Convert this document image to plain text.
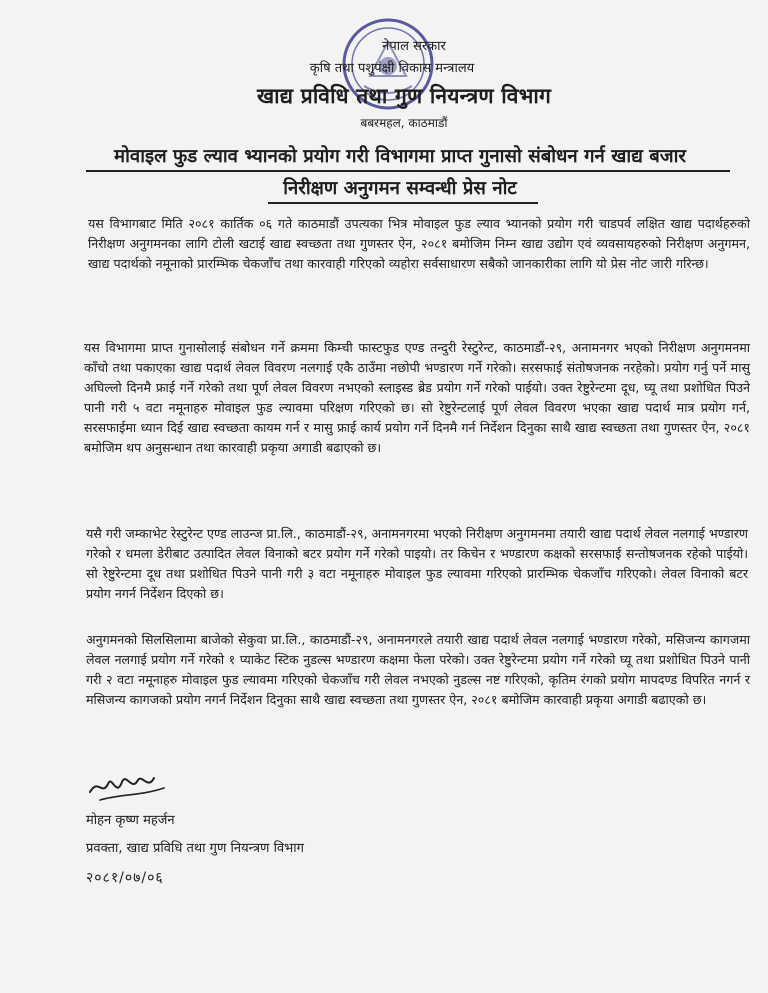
नेपाल सरकार
कृषि तथा पशुपंक्षी विकास मन्त्रालय
खाद्य प्रविधि तथा गुण नियन्त्रण विभाग
बबरमहल, काठमाडौं
मोवाइल फुड ल्याव भ्यानको प्रयोग गरी विभागमा प्राप्त गुनासो संबोधन गर्न खाद्य बजार
निरीक्षण अनुगमन सम्वन्धी प्रेस नोट
यस विभागबाट मिति २०८१ कार्तिक ०६ गते काठमाडौं उपत्यका भित्र मोवाइल फुड ल्याव भ्यानको प्रयोग गरी चाडपर्व लक्षित खाद्य पदार्थहरुको निरीक्षण अनुगमनका लागि टोली खटाई खाद्य स्वच्छता तथा गुणस्तर ऐन, २०८१ बमोजिम निम्न खाद्य उद्योग एवं व्यवसायहरुको निरीक्षण अनुगमन, खाद्य पदार्थको नमूनाको प्रारम्भिक चेकजाँच तथा कारवाही गरिएको व्यहोरा सर्वसाधारण सबैको जानकारीका लागि यो प्रेस नोट जारी गरिन्छ।
यस विभागमा प्राप्त गुनासोलाई संबोधन गर्ने क्रममा किम्ची फास्टफुड एण्ड तन्दुरी रेस्टुरेन्ट, काठमाडौं-२९, अनामनगर भएको निरीक्षण अनुगमनमा काँचो तथा पकाएका खाद्य पदार्थ लेवल विवरण नलगाई एकै ठाउँमा नछोपी भण्डारण गर्ने गरेको। सरसफाई संतोषजनक नरहेको। प्रयोग गर्नु पर्ने मासु अघिल्लो दिनमै फ्राई गर्ने गरेको तथा पूर्ण लेवल विवरण नभएको स्लाइस्ड ब्रेड प्रयोग गर्ने गरेको पाईयो। उक्त रेष्टुरेन्टमा दूध, घ्यू तथा प्रशोधित पिउने पानी गरी ५ वटा नमूनाहरु मोवाइल फुड ल्यावमा परिक्षण गरिएको छ। सो रेष्टुरेन्टलाई पूर्ण लेवल विवरण भएका खाद्य पदार्थ मात्र प्रयोग गर्न, सरसफाईमा ध्यान दिई खाद्य स्वच्छता कायम गर्न र मासु फ्राई कार्य प्रयोग गर्ने दिनमै गर्न निर्देशन दिनुका साथै खाद्य स्वच्छता तथा गुणस्तर ऐन, २०८१ बमोजिम थप अनुसन्धान तथा कारवाही प्रकृया अगाडी बढाएको छ।
यसै गरी जम्काभेट रेस्टुरेन्ट एण्ड लाउन्ज प्रा.लि., काठमाडौं-२९, अनामनगरमा भएको निरीक्षण अनुगमनमा तयारी खाद्य पदार्थ लेवल नलगाई भण्डारण गरेको र धमला डेरीबाट उत्पादित लेवल विनाको बटर प्रयोग गर्ने गरेको पाइयो। तर किचेन र भण्डारण कक्षको सरसफाई सन्तोषजनक रहेको पाईयो। सो रेष्टुरेन्टमा दूध तथा प्रशोधित पिउने पानी गरी ३ वटा नमूनाहरु मोवाइल फुड ल्यावमा गरिएको प्रारम्भिक चेकजाँच गरिएको। लेवल विनाको बटर प्रयोग नगर्न निर्देशन दिएको छ।
अनुगमनको सिलसिलामा बाजेको सेकुवा प्रा.लि., काठमाडौं-२९, अनामनगरले तयारी खाद्य पदार्थ लेवल नलगाई भण्डारण गरेको, मसिजन्य कागजमा लेवल नलगाई प्रयोग गर्ने गरेको १ प्याकेट स्टिक नुडल्स भण्डारण कक्षमा फेला परेको। उक्त रेष्टुरेन्टमा प्रयोग गर्ने गरेको घ्यू तथा प्रशोधित पिउने पानी गरी २ वटा नमूनाहरु मोवाइल फुड ल्यावमा गरिएको चेकजाँच गरी लेवल नभएको नुडल्स नष्ट गरिएको, कृतिम रंगको प्रयोग मापदण्ड विपरित नगर्न र मसिजन्य कागजको प्रयोग नगर्न निर्देशन दिनुका साथै खाद्य स्वच्छता तथा गुणस्तर ऐन, २०८१ बमोजिम कारवाही प्रकृया अगाडी बढाएको छ।
मोहन कृष्ण महर्जन
प्रवक्ता, खाद्य प्रविधि तथा गुण नियन्त्रण विभाग
२०८१/०७/०६
